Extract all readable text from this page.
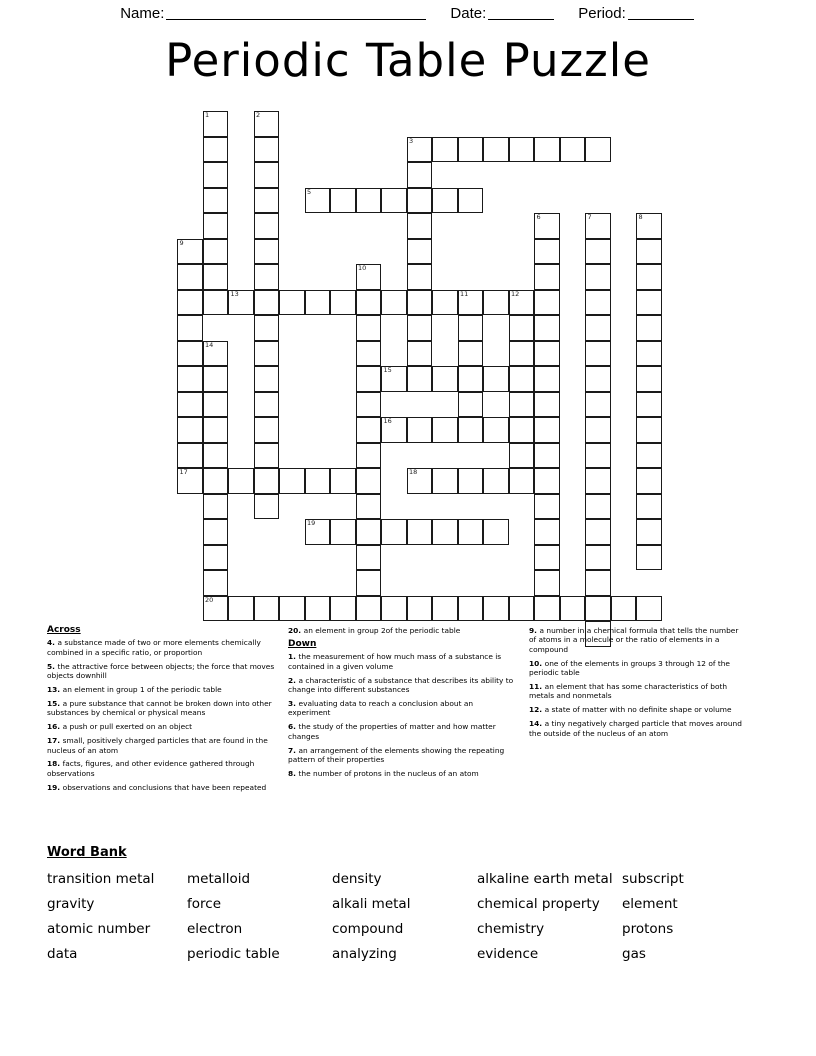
Name:	Date:	Period:
Periodic Table Puzzle
1	2
3
5
6	7	8
9
10
11	12
13
14
15
16
17	18
19
20
Across
4. a substance made of two or more elements chemically combined in a specific ratio, or proportion
5. the attractive force between objects; the force that moves objects downhill
13. an element in group 1 of the periodic table
15. a pure substance that cannot be broken down into other substances by chemical or physical means
16. a push or pull exerted on an object
17. small, positively charged particles that are found in the nucleus of an atom
18. facts, figures, and other evidence gathered through observations
19. observations and conclusions that have been repeated
20. an element in group 2of the periodic table
Down
1. the measurement of how much mass of a substance is contained in a given volume
2. a characteristic of a substance that describes its ability to change into different substances
3. evaluating data to reach a conclusion about an experiment
6. the study of the properties of matter and how matter changes
7. an arrangement of the elements showing the repeating pattern of their properties
8. the number of protons in the nucleus of an atom
9. a number in a chemical formula that tells the number of atoms in a molecule or the ratio of elements in a compound
10. one of the elements in groups 3 through 12 of the periodic table
11. an element that has some characteristics of both metals and nonmetals
12. a state of matter with no definite shape or volume
14. a tiny negatively charged particle that moves around the outside of the nucleus of an atom
Word Bank
transition metal
gravity
atomic number
data
metalloid
force
electron
periodic table
density
alkali metal
compound
analyzing
alkaline earth metal
chemical property
chemistry
evidence
subscript
element
protons
gas
